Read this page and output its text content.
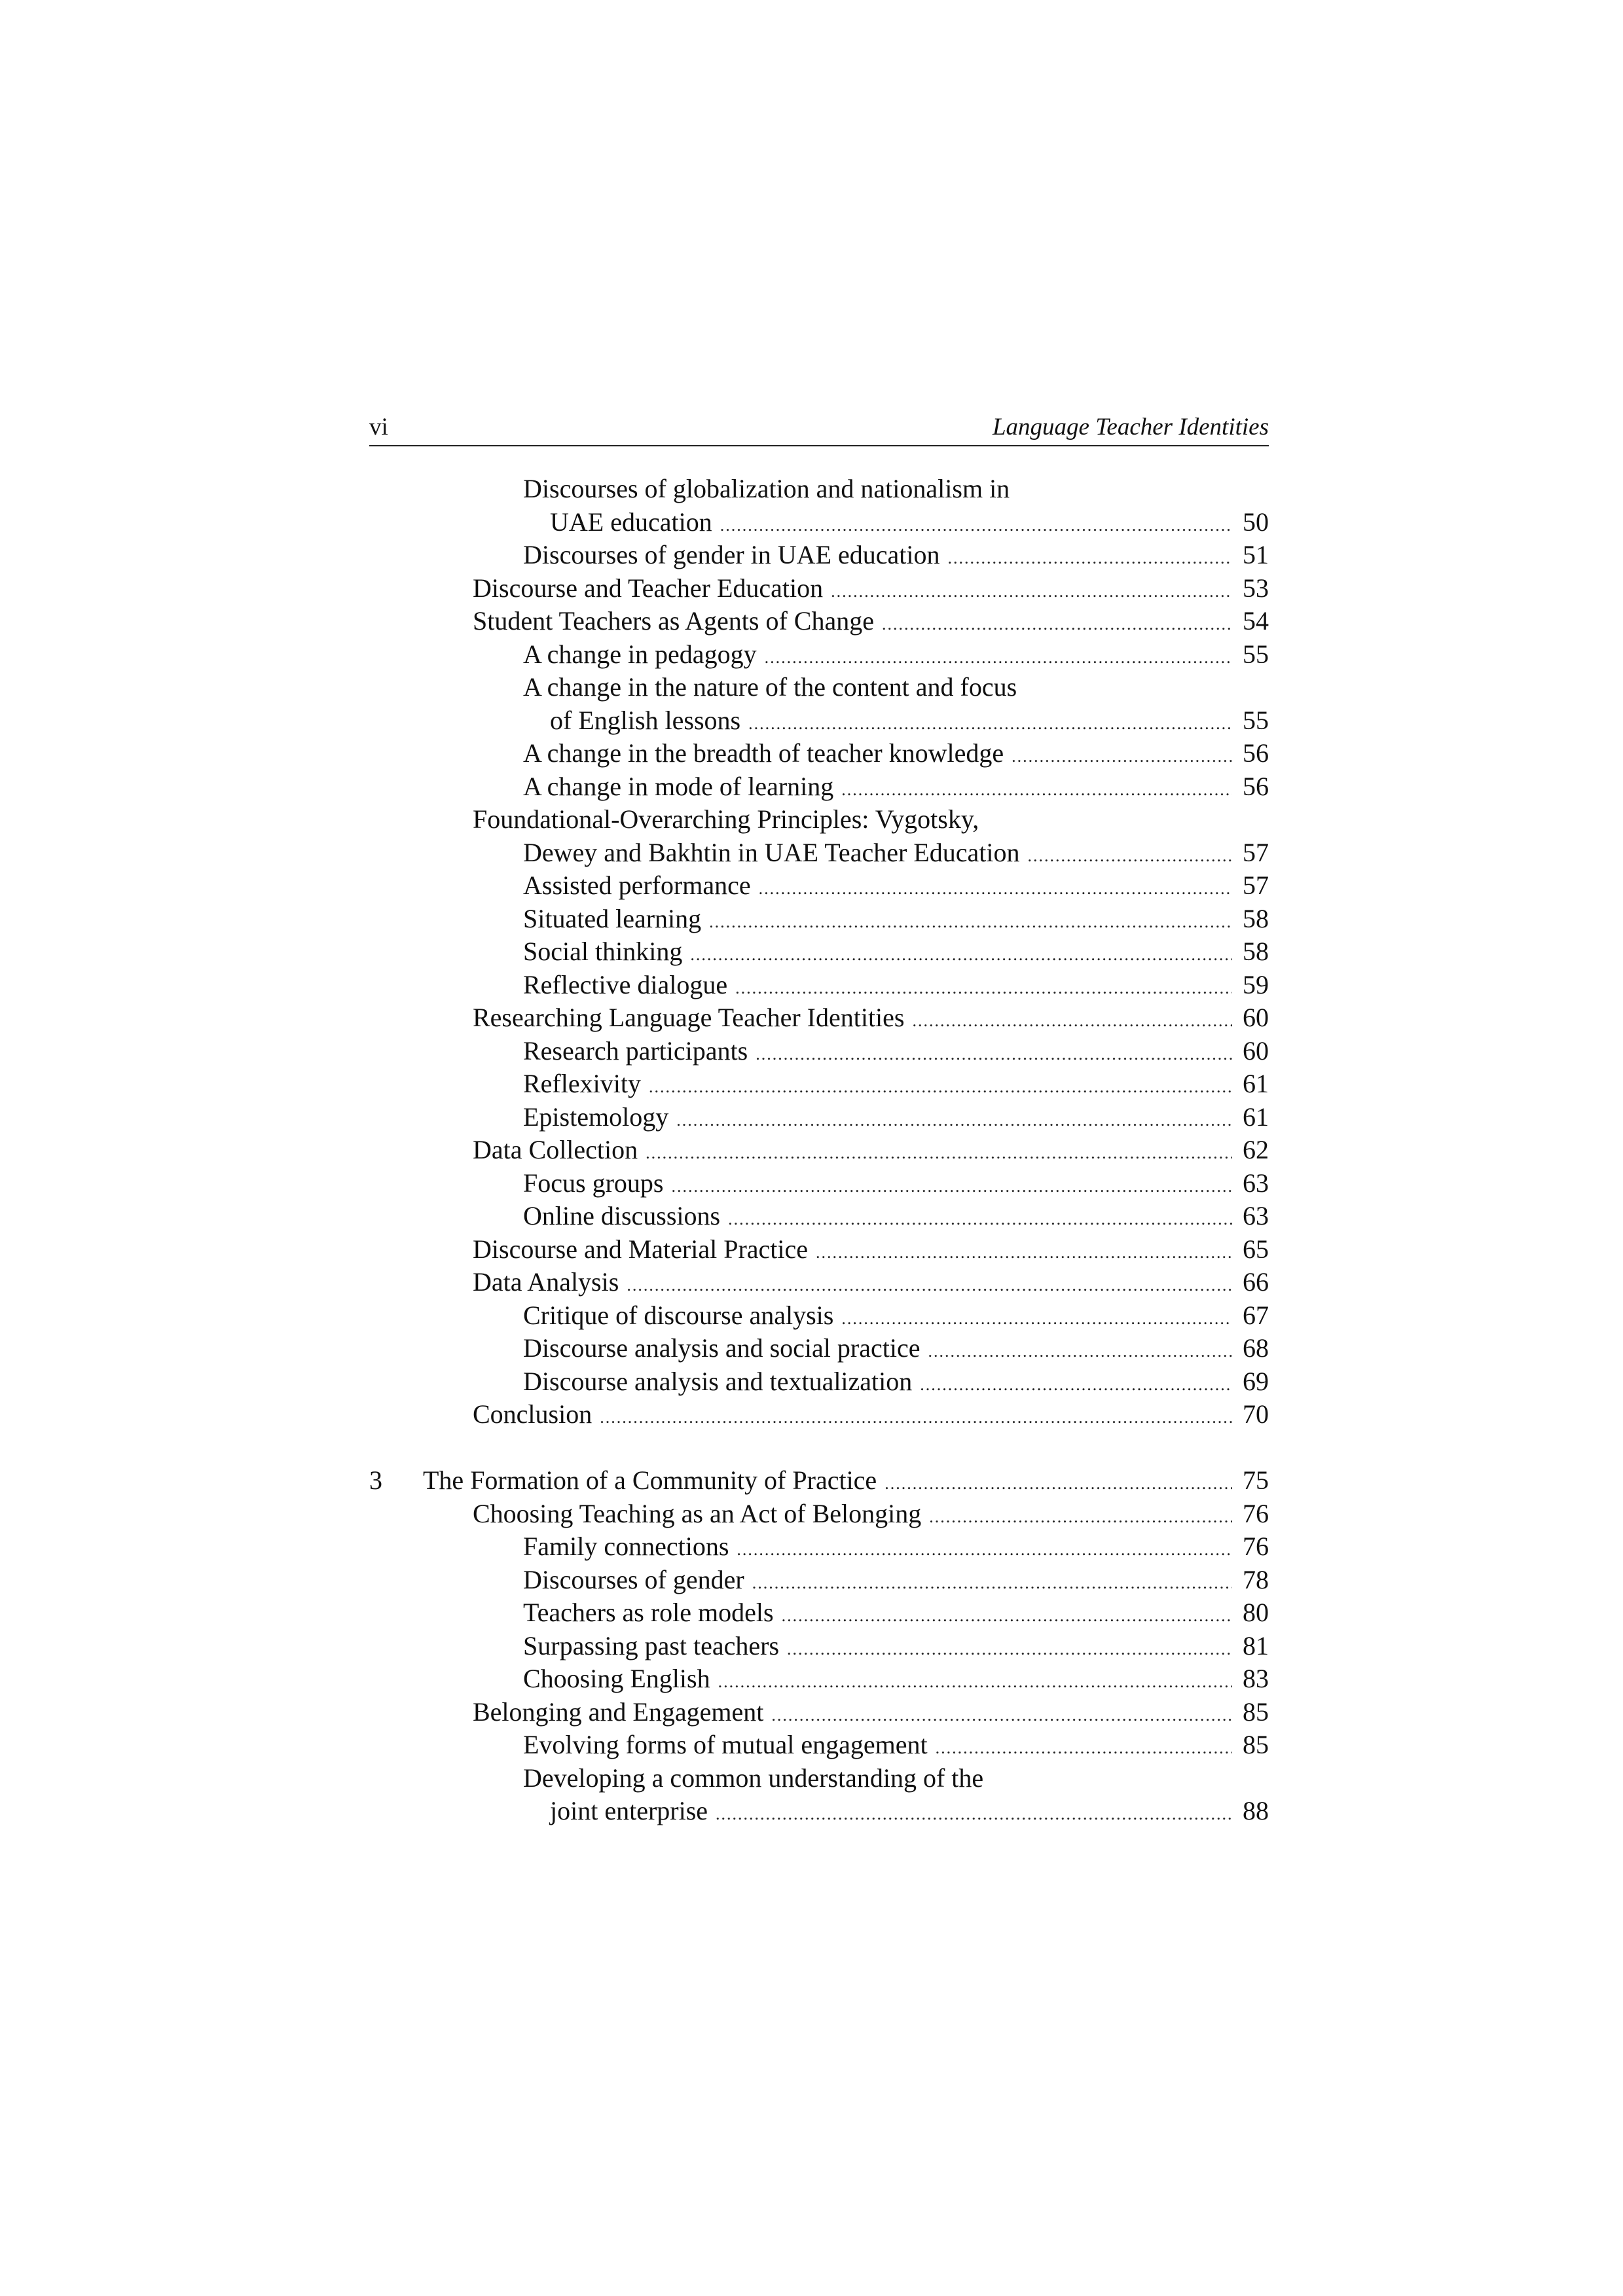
vi	Language Teacher Identities
Discourses of globalization and nationalism in
UAE education .....	50
Discourses of gender in UAE education .....	51
Discourse and Teacher Education .....	53
Student Teachers as Agents of Change .....	54
A change in pedagogy .....	55
A change in the nature of the content and focus
of English lessons .....	55
A change in the breadth of teacher knowledge .....	56
A change in mode of learning .....	56
Foundational-Overarching Principles: Vygotsky,
Dewey and Bakhtin in UAE Teacher Education .....	57
Assisted performance .....	57
Situated learning .....	58
Social thinking .....	58
Reflective dialogue .....	59
Researching Language Teacher Identities .....	60
Research participants .....	60
Reflexivity .....	61
Epistemology .....	61
Data Collection .....	62
Focus groups .....	63
Online discussions .....	63
Discourse and Material Practice .....	65
Data Analysis .....	66
Critique of discourse analysis .....	67
Discourse analysis and social practice .....	68
Discourse analysis and textualization .....	69
Conclusion .....	70
3	The Formation of a Community of Practice .....	75
Choosing Teaching as an Act of Belonging .....	76
Family connections .....	76
Discourses of gender .....	78
Teachers as role models .....	80
Surpassing past teachers .....	81
Choosing English .....	83
Belonging and Engagement .....	85
Evolving forms of mutual engagement .....	85
Developing a common understanding of the
joint enterprise .....	88
